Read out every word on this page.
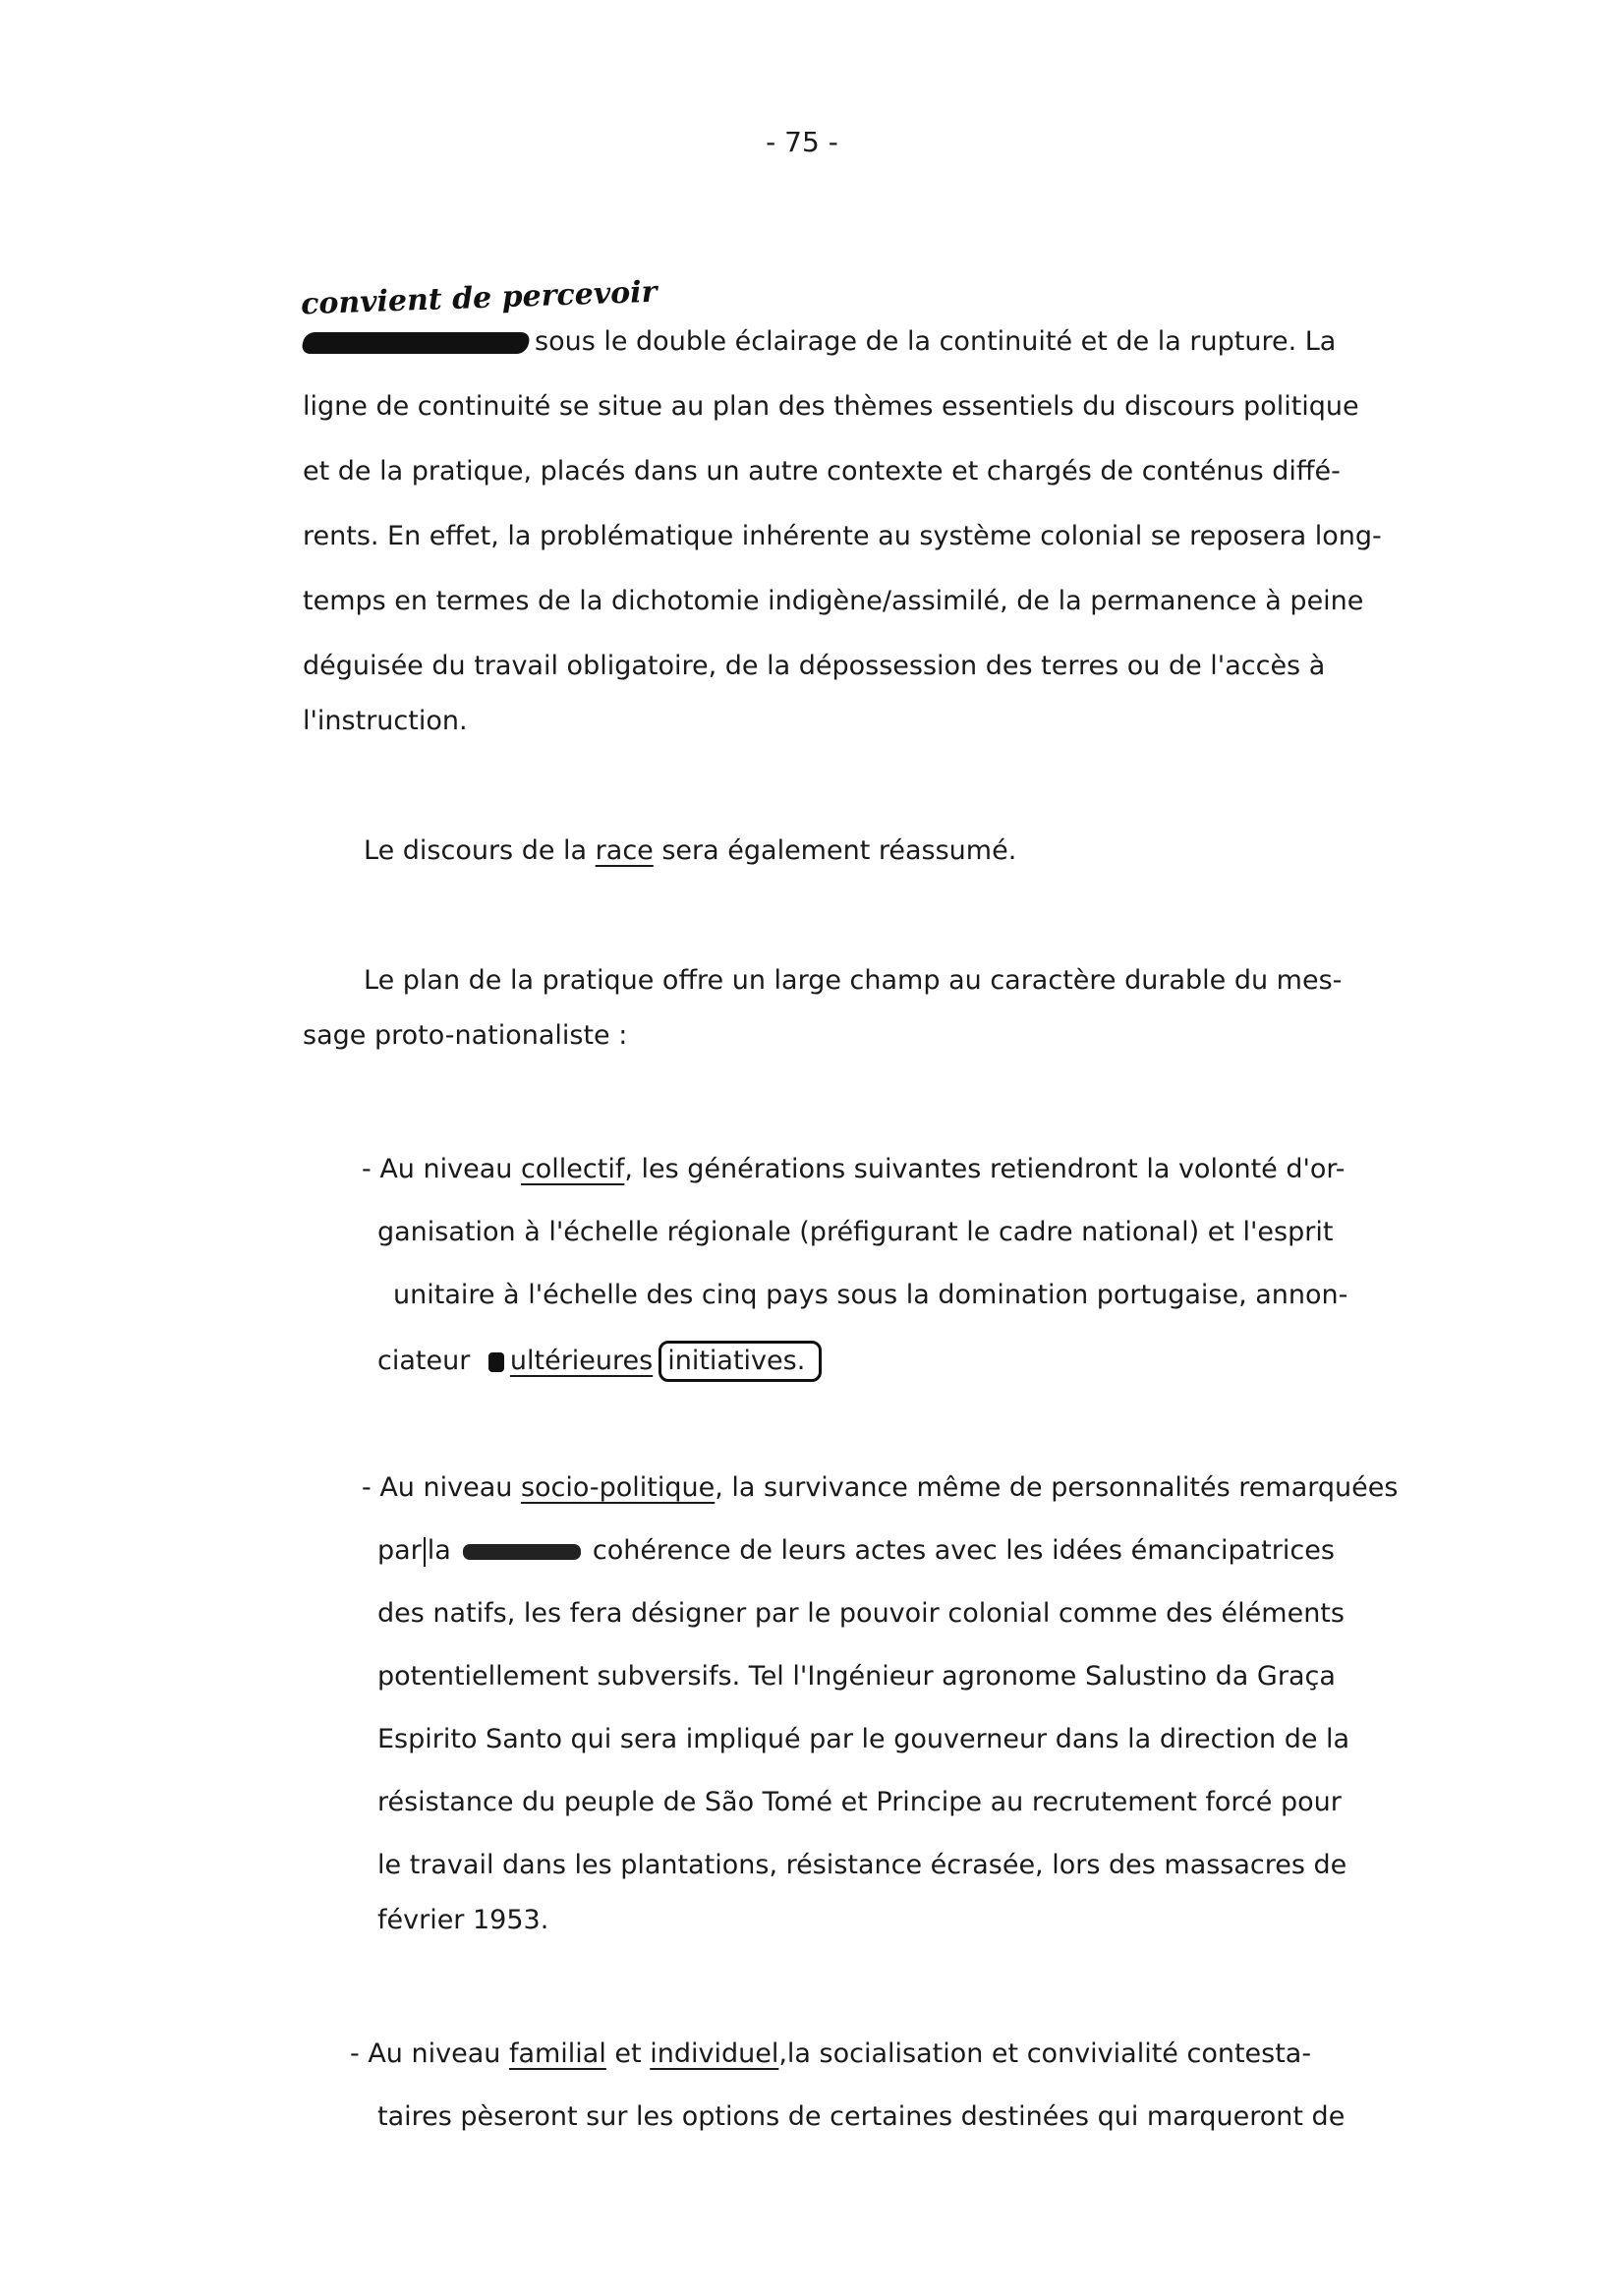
- 75 -
convient de percevoir
sous le double éclairage de la continuité et de la rupture. La
ligne de continuité se situe au plan des thèmes essentiels du discours politique
et de la pratique, placés dans un autre contexte et chargés de conténus diffé-
rents. En effet, la problématique inhérente au système colonial se reposera long-
temps en termes de la dichotomie indigène/assimilé, de la permanence à peine
déguisée du travail obligatoire, de la dépossession des terres ou de l'accès à
l'instruction.
Le discours de la race sera également réassumé.
Le plan de la pratique offre un large champ au caractère durable du mes-
sage proto-nationaliste :
- Au niveau collectif, les générations suivantes retiendront la volonté d'or-
ganisation à l'échelle régionale (préfigurant le cadre national) et l'esprit
unitaire à l'échelle des cinq pays sous la domination portugaise, annon-
ciateur ultérieures initiatives.
- Au niveau socio-politique, la survivance même de personnalités remarquées
par la	cohérence de leurs actes avec les idées émancipatrices
des natifs, les fera désigner par le pouvoir colonial comme des éléments
potentiellement subversifs. Tel l'Ingénieur agronome Salustino da Graça
Espirito Santo qui sera impliqué par le gouverneur dans la direction de la
résistance du peuple de São Tomé et Principe au recrutement forcé pour
le travail dans les plantations, résistance écrasée, lors des massacres de
février 1953.
- Au niveau familial et individuel,la socialisation et convivialité contesta-
taires pèseront sur les options de certaines destinées qui marqueront de
